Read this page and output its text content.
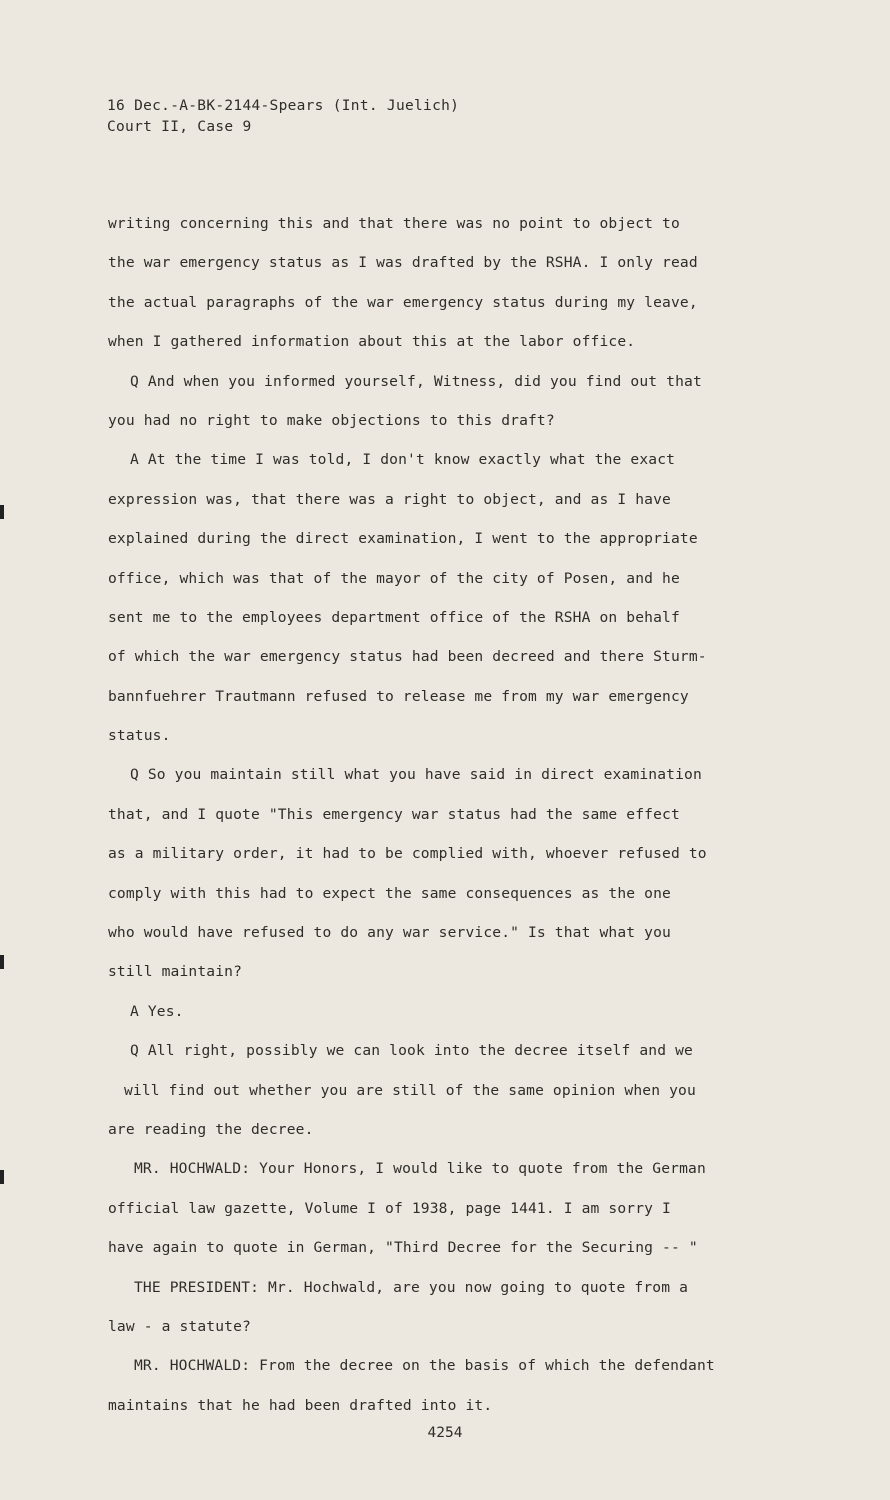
16 Dec.-A-BK-2144-Spears (Int. Juelich)
Court II, Case 9
writing concerning this and that there was no point to object to
the war emergency status as I was drafted by the RSHA. I only read
the actual paragraphs of the war emergency status during my leave,
when I gathered information about this at the labor office.
Q And when you informed yourself, Witness, did you find out that
you had no right to make objections to this draft?
A At the time I was told, I don't know exactly what the exact
expression was, that there was a right to object, and as I have
explained during the direct examination, I went to the appropriate
office, which was that of the mayor of the city of Posen, and he
sent me to the employees department office of the RSHA on behalf
of which the war emergency status had been decreed and there Sturm-
bannfuehrer Trautmann refused to release me from my war emergency
status.
Q So you maintain still what you have said in direct examination
that, and I quote "This emergency war status had the same effect
as a military order, it had to be complied with, whoever refused to
comply with this had to expect the same consequences as the one
who would have refused to do any war service." Is that what you
still maintain?
A Yes.
Q All right, possibly we can look into the decree itself and we
will find out whether you are still of the same opinion when you
are reading the decree.
MR. HOCHWALD: Your Honors, I would like to quote from the German
official law gazette, Volume I of 1938, page 1441. I am sorry I
have again to quote in German, "Third Decree for the Securing -- "
THE PRESIDENT: Mr. Hochwald, are you now going to quote from a
law - a statute?
MR. HOCHWALD: From the decree on the basis of which the defendant
maintains that he had been drafted into it.
4254
